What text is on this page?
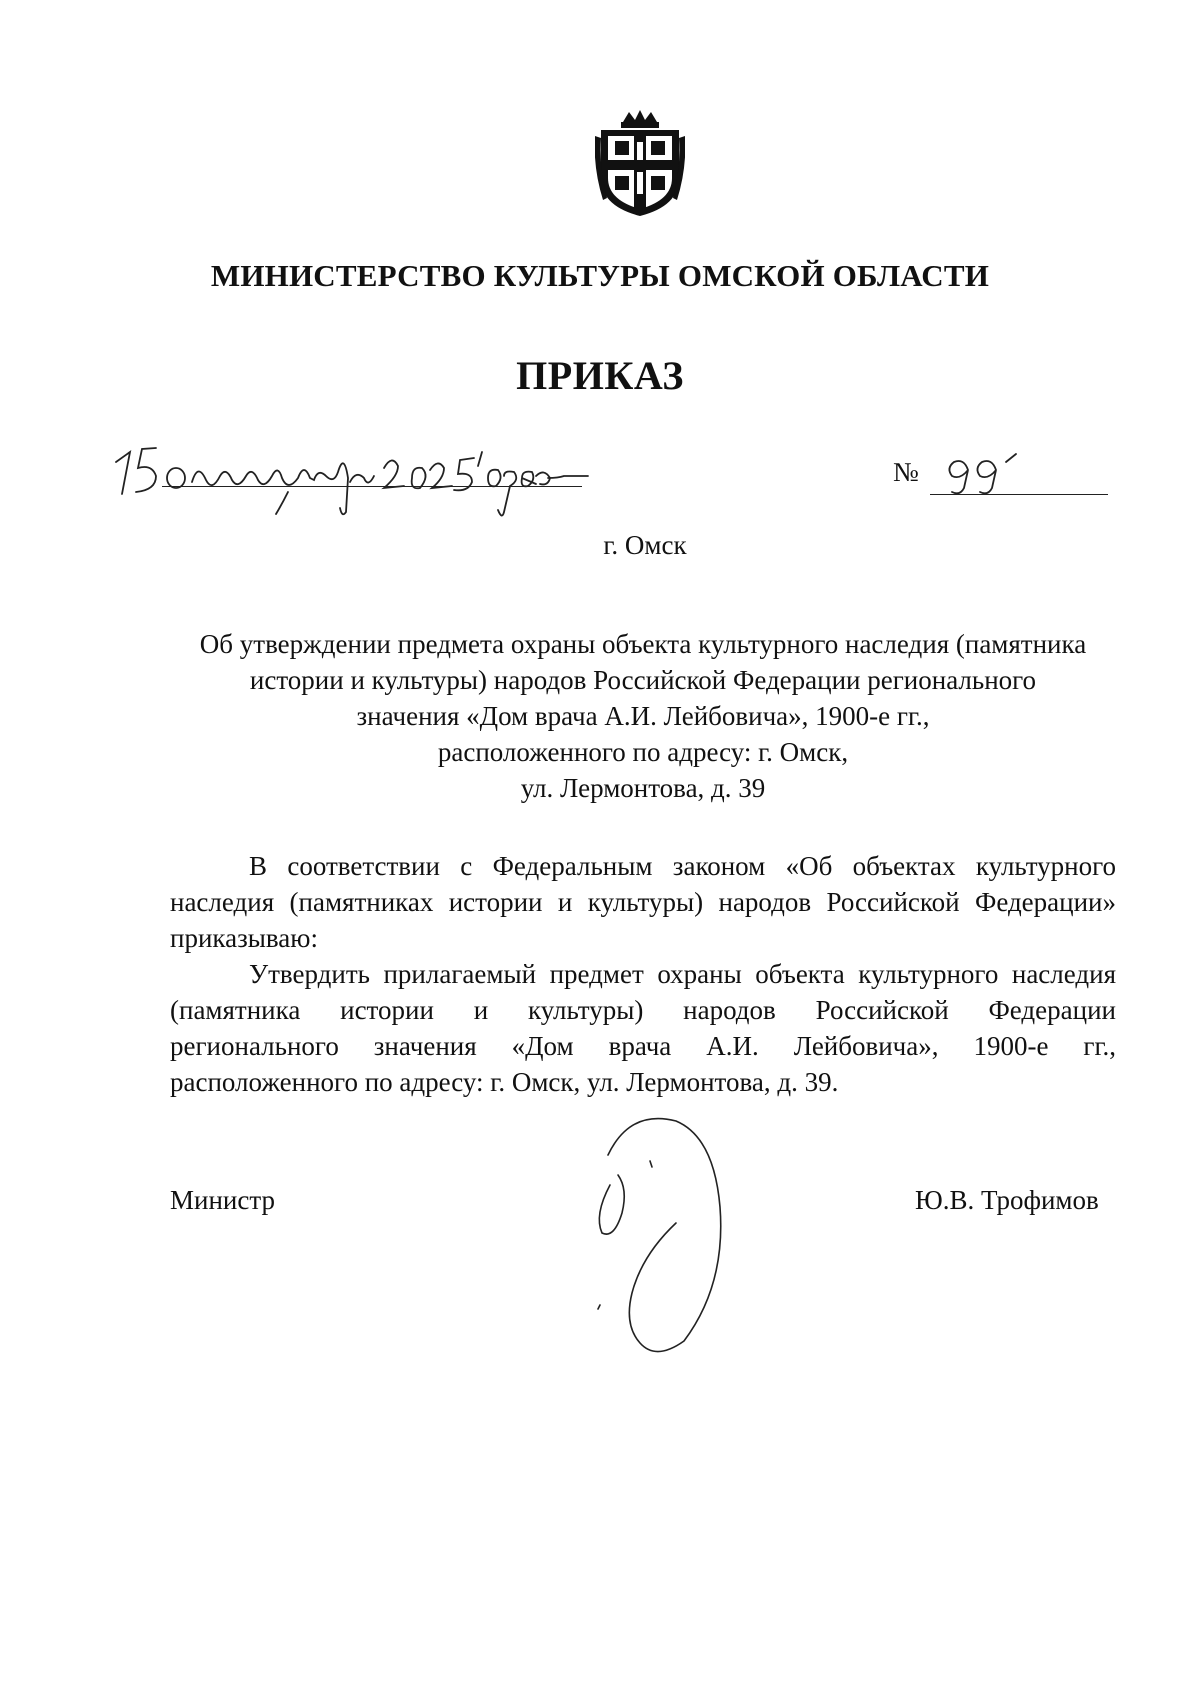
МИНИСТЕРСТВО КУЛЬТУРЫ ОМСКОЙ ОБЛАСТИ
ПРИКАЗ
№
г. Омск
Об утверждении предмета охраны объекта культурного наследия (памятника
истории и культуры) народов Российской Федерации регионального
значения «Дом врача А.И. Лейбовича», 1900-е гг.,
расположенного по адресу: г. Омск,
ул. Лермонтова, д. 39
В соответствии с Федеральным законом «Об объектах культурного
наследия (памятниках истории и культуры) народов Российской Федерации»
приказываю:
Утвердить прилагаемый предмет охраны объекта культурного наследия
(памятника истории и культуры) народов Российской Федерации
регионального значения «Дом врача А.И. Лейбовича», 1900-е гг.,
расположенного по адресу: г. Омск, ул. Лермонтова, д. 39.
Министр	Ю.В. Трофимов
